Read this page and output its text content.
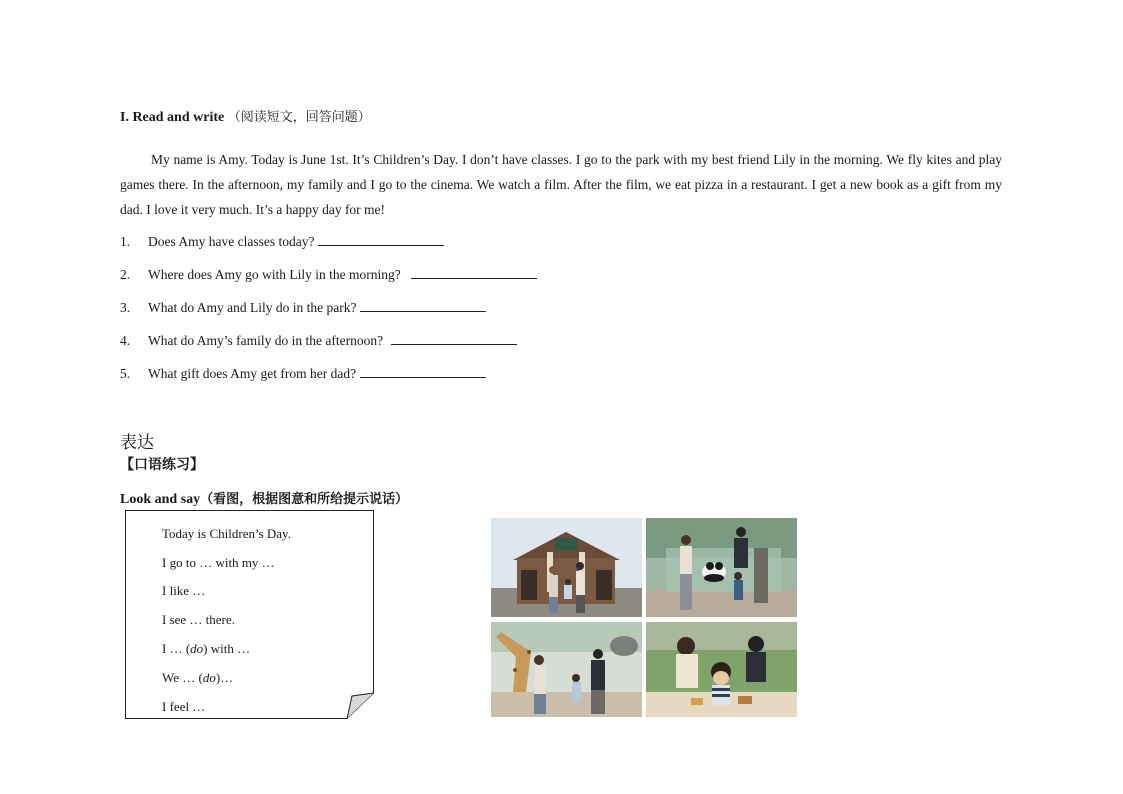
I. Read and write （阅读短文，回答问题）
My name is Amy. Today is June 1st. It’s Children’s Day. I don’t have classes. I go to the park with my best friend Lily in the morning. We fly kites and play games there. In the afternoon, my family and I go to the cinema. We watch a film. After the film, we eat pizza in a restaurant. I get a new book as a gift from my dad. I love it very much. It’s a happy day for me!
1. Does Amy have classes today?
2. Where does Amy go with Lily in the morning?
3. What do Amy and Lily do in the park?
4. What do Amy’s family do in the afternoon?
5. What gift does Amy get from her dad?
表达
【口语练习】
Look and say（看图，根据图意和所给提示说话）
Today is Children’s Day.
I go to … with my …
I like …
I see … there.
I … (do) with …
We … (do)…
I feel …
